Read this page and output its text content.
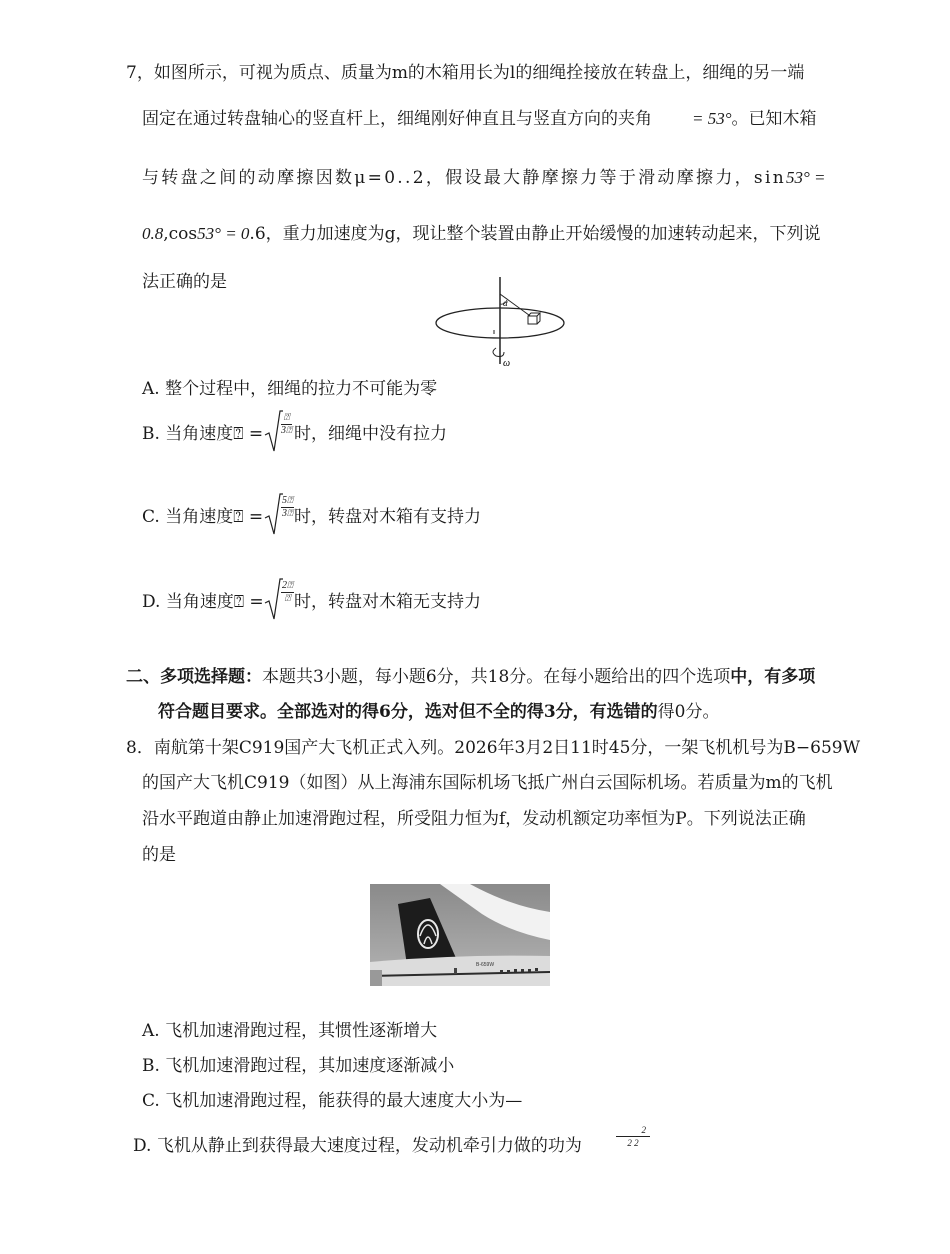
7，如图所示，可视为质点、质量为m的木箱用长为l的细绳拴接放在转盘上，细绳的另一端
固定在通过转盘轴心的竖直杆上，细绳刚好伸直且与竖直方向的夹角 = 53°。已知木箱
与转盘之间的动摩擦因数μ=0..2，假设最大静摩擦力等于滑动摩擦力，sin53° =
0.8,cos53° = 0.6，重力加速度为g，现让整个装置由静止开始缓慢的加速转动起来，下列说
法正确的是
α
ω
A. 整个过程中，细绳的拉力不可能为零
B. 当角速度⍰ =
⍰
3⍰ 时，细绳中没有拉力
C. 当角速度⍰ = $\frac{5⍰}{3⍰}$ 时，转盘对木箱有支持力
D. 当角速度⍰ =
2⍰
⍰ 时，转盘对木箱无支持力
二、多项选择题：本题共3小题，每小题6分，共18分。在每小题给出的四个选项中，有多项
符合题目要求。全部选对的得6分，选对但不全的得3分，有选错的得0分。
8．南航第十架C919国产大飞机正式入列。2026年3月2日11时45分，一架飞机机号为B−659W
的国产大飞机C919（如图）从上海浦东国际机场飞抵广州白云国际机场。若质量为m的飞机
沿水平跑道由静止加速滑跑过程，所受阻力恒为f，发动机额定功率恒为P。下列说法正确
的是
B-659W
A. 飞机加速滑跑过程，其惯性逐渐增大
B. 飞机加速滑跑过程，其加速度逐渐减小
C. 飞机加速滑跑过程，能获得的最大速度大小为—
D. 飞机从静止到获得最大速度过程，发动机牵引力做的功为	$\frac{2}{2 2}$
